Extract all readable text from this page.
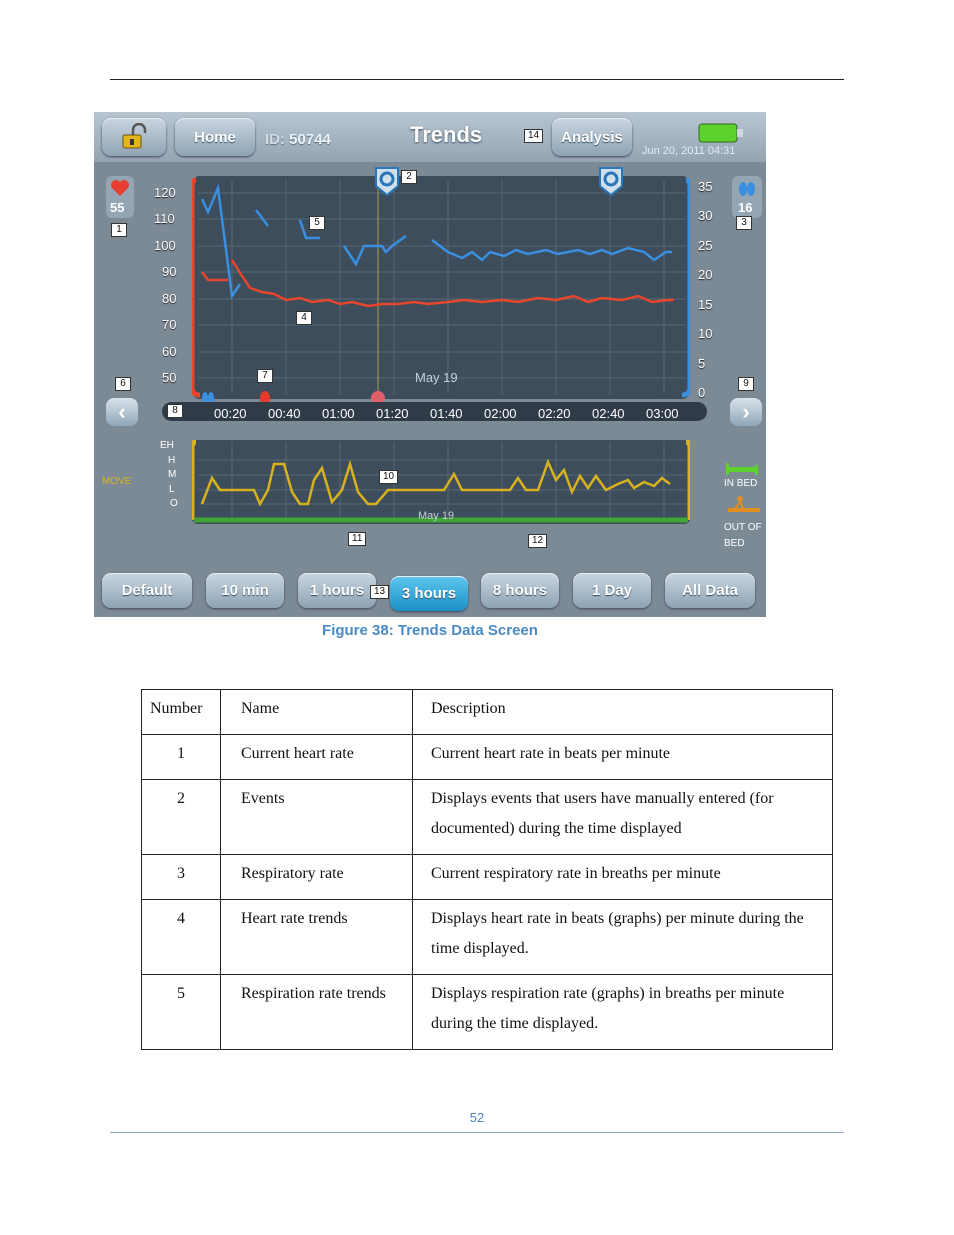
Home	ID: 50744	Trends	14	Analysis
Jun 20, 2011 04:31
55
1
16
3
May 19
2
120
110
100
90
80
70
60
50
35
30
25
20
15
10
5
0
5
4
7
6	9
8	00:20 00:40 01:00 01:20 01:40 02:00 02:20 02:40 03:00
‹	›
MOVE
EH
H
M
L
O
May 19
10
11	12
IN BED
OUT OF
BED
Default	10 min	1 hours	3 hours
13	8 hours	1 Day	All Data
Figure 38: Trends Data Screen
Number	Name	Description
1	Current heart rate	Current heart rate in beats per minute
2	Events	Displays events that users have manually entered (for documented) during the time displayed
3	Respiratory rate	Current respiratory rate in breaths per minute
4	Heart rate trends	Displays heart rate in beats (graphs) per minute during the time displayed.
5	Respiration rate trends	Displays respiration rate (graphs) in breaths per minute during the time displayed.
52
